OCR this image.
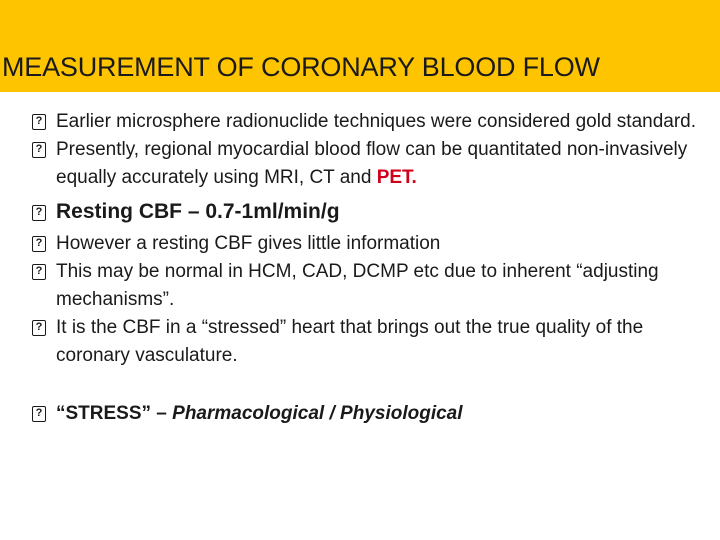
MEASUREMENT OF CORONARY BLOOD FLOW
? Earlier microsphere radionuclide techniques were considered gold standard.
? Presently, regional myocardial blood flow can be quantitated non-invasively equally accurately using MRI, CT and PET.
? Resting CBF – 0.7-1ml/min/g
? However a resting CBF gives little information
? This may be normal in HCM, CAD, DCMP etc due to inherent “adjusting mechanisms”.
? It is the CBF in a “stressed” heart that brings out the true quality of the coronary vasculature.
? “STRESS” – Pharmacological / Physiological
